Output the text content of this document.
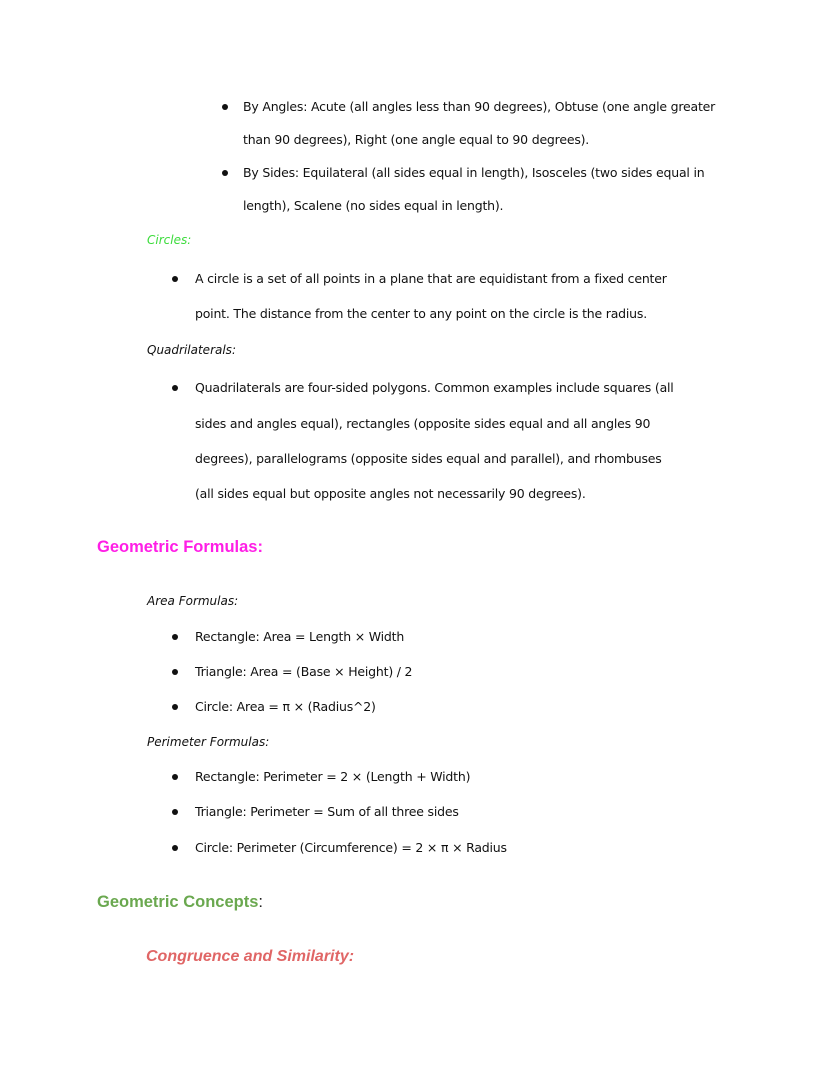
By Angles: Acute (all angles less than 90 degrees), Obtuse (one angle greater
than 90 degrees), Right (one angle equal to 90 degrees).
By Sides: Equilateral (all sides equal in length), Isosceles (two sides equal in
length), Scalene (no sides equal in length).
Circles:
A circle is a set of all points in a plane that are equidistant from a fixed center
point. The distance from the center to any point on the circle is the radius.
Quadrilaterals:
Quadrilaterals are four-sided polygons. Common examples include squares (all
sides and angles equal), rectangles (opposite sides equal and all angles 90
degrees), parallelograms (opposite sides equal and parallel), and rhombuses
(all sides equal but opposite angles not necessarily 90 degrees).
Geometric Formulas:
Area Formulas:
Rectangle: Area = Length × Width
Triangle: Area = (Base × Height) / 2
Circle: Area = π × (Radius^2)
Perimeter Formulas:
Rectangle: Perimeter = 2 × (Length + Width)
Triangle: Perimeter = Sum of all three sides
Circle: Perimeter (Circumference) = 2 × π × Radius
Geometric Concepts:
Congruence and Similarity:
